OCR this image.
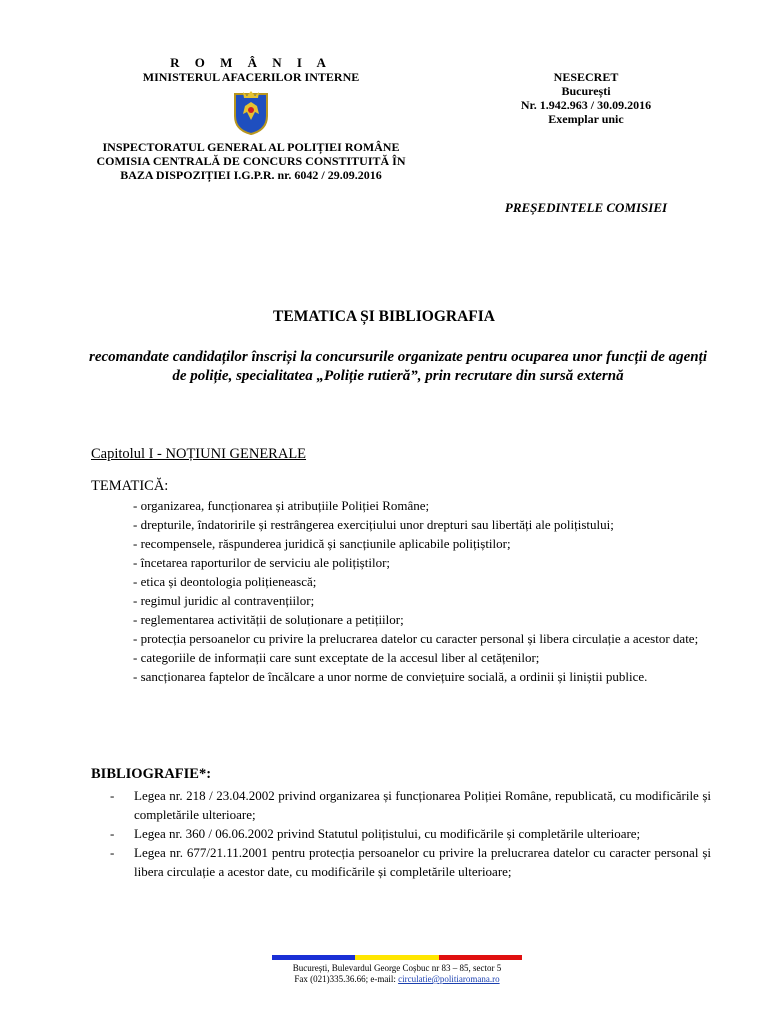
R O M Â N I A
MINISTERUL AFACERILOR INTERNE
INSPECTORATUL GENERAL AL POLIȚIEI ROMÂNE
COMISIA CENTRALĂ DE CONCURS CONSTITUITĂ ÎN
BAZA DISPOZIȚIEI I.G.P.R. nr. 6042 / 29.09.2016
NESECRET
București
Nr. 1.942.963 / 30.09.2016
Exemplar unic
PREȘEDINTELE COMISIEI
TEMATICA ȘI BIBLIOGRAFIA
recomandate candidaților înscriși la concursurile organizate pentru ocuparea unor funcții de agenți de poliție, specialitatea „Poliție rutieră”, prin recrutare din sursă externă
Capitolul I - NOȚIUNI GENERALE
TEMATICĂ:
- organizarea, funcționarea și atribuțiile Poliției Române;
- drepturile, îndatoririle și restrângerea exercițiului unor drepturi sau libertăți ale polițistului;
- recompensele, răspunderea juridică și sancțiunile aplicabile polițiștilor;
- încetarea raporturilor de serviciu ale polițiștilor;
- etica și deontologia polițienească;
- regimul juridic al contravențiilor;
- reglementarea activității de soluționare a petițiilor;
- protecția persoanelor cu privire la prelucrarea datelor cu caracter personal și libera circulație a acestor date;
- categoriile de informații care sunt exceptate de la accesul liber al cetățenilor;
- sancționarea faptelor de încălcare a unor norme de conviețuire socială, a ordinii și liniștii publice.
BIBLIOGRAFIE*:
- Legea nr. 218 / 23.04.2002 privind organizarea și funcționarea Poliției Române, republicată, cu modificările și completările ulterioare;
- Legea nr. 360 / 06.06.2002 privind Statutul polițistului, cu modificările și completările ulterioare;
- Legea nr. 677/21.11.2001 pentru protecția persoanelor cu privire la prelucrarea datelor cu caracter personal și libera circulație a acestor date, cu modificările și completările ulterioare;
București, Bulevardul George Coșbuc nr 83 – 85, sector 5
Fax (021)335.36.66; e-mail: circulatie@politiaromana.ro
